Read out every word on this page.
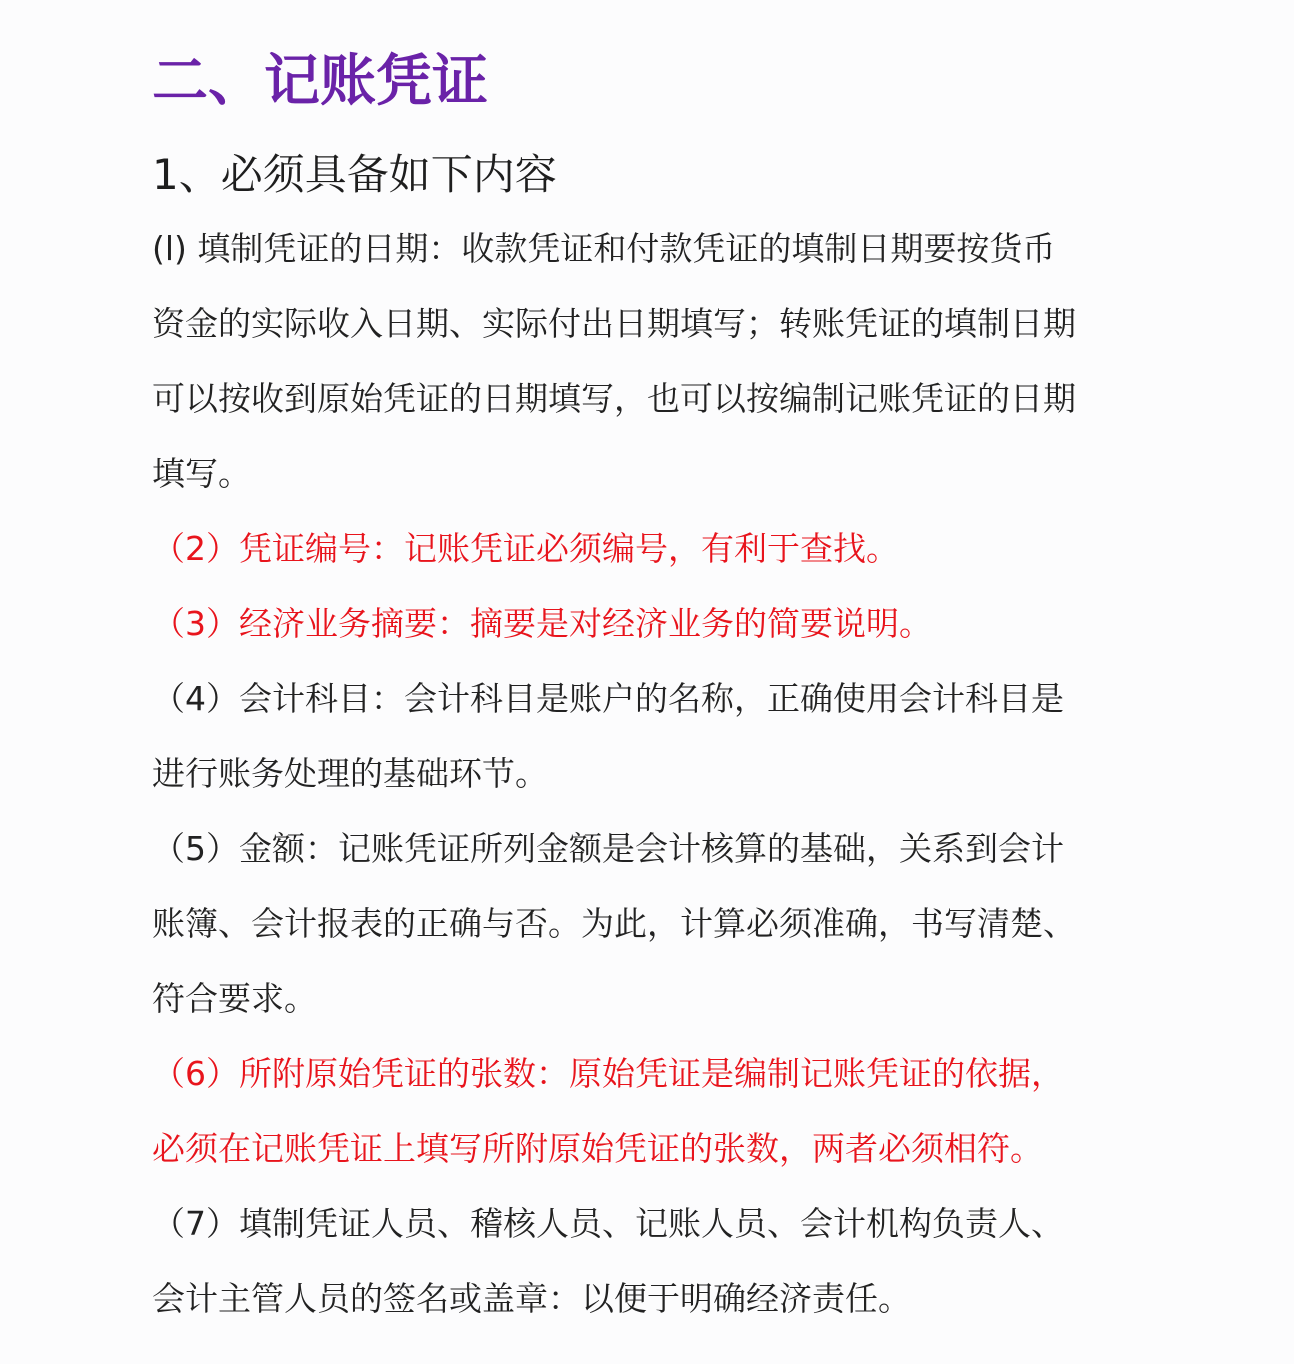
二、记账凭证
1、必须具备如下内容
(l) 填制凭证的日期：收款凭证和付款凭证的填制日期要按货币
资金的实际收入日期、实际付出日期填写；转账凭证的填制日期
可以按收到原始凭证的日期填写，也可以按编制记账凭证的日期
填写。
（2）凭证编号：记账凭证必须编号，有利于查找。
（3）经济业务摘要：摘要是对经济业务的简要说明。
（4）会计科目：会计科目是账户的名称，正确使用会计科目是
进行账务处理的基础环节。
（5）金额：记账凭证所列金额是会计核算的基础，关系到会计
账簿、会计报表的正确与否。为此，计算必须准确，书写清楚、
符合要求。
（6）所附原始凭证的张数：原始凭证是编制记账凭证的依据，
必须在记账凭证上填写所附原始凭证的张数，两者必须相符。
（7）填制凭证人员、稽核人员、记账人员、会计机构负责人、
会计主管人员的签名或盖章：以便于明确经济责任。
